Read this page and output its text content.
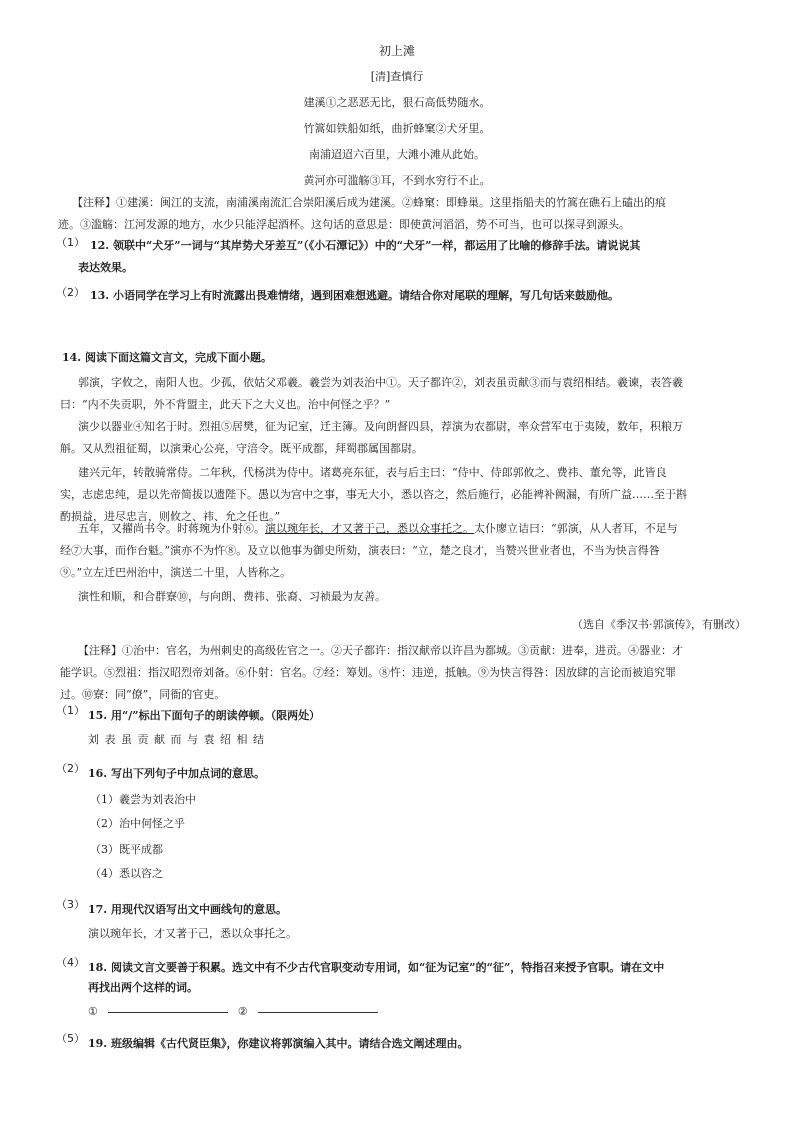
初上滩
[清]查慎行
建溪①之恶恶无比，狠石高低势随水。
竹篙如铁船如纸，曲折蜂窠②犬牙里。
南浦迢迢六百里，大滩小滩从此始。
黄河亦可滥觞③耳，不到水穷行不止。
【注释】①建溪：闽江的支流，南浦溪南流汇合崇阳溪后成为建溪。②蜂窠：即蜂巢。这里指船夫的竹篙在礁石上磕出的痕
迹。③滥觞：江河发源的地方，水少只能浮起酒杯。这句话的意思是：即使黄河滔滔，势不可当，也可以探寻到源头。
（1） 12. 领联中“犬牙”一词与“其岸势犬牙差互”（《小石潭记》）中的“犬牙”一样，都运用了比喻的修辞手法。请说说其
表达效果。
（2） 13. 小语同学在学习上有时流露出畏难情绪，遇到困难想逃避。请结合你对尾联的理解，写几句话来鼓励他。
14. 阅读下面这篇文言文，完成下面小题。
郭演，字攸之，南阳人也。少孤，依姑父邓羲。羲尝为刘表治中①。天子都许②，刘表虽贡献③而与袁绍相结。羲谏，表答羲
曰：“内不失贡职，外不背盟主，此天下之大义也。治中何怪之乎？”
演少以器业④知名于时。烈祖⑤居樊，征为记室，迁主簿。及向朗督四县，荐演为农都尉，率众营军屯于夷陵，数年，积粮万
斛。又从烈祖征蜀，以演秉心公亮，守涪令。既平成都，拜蜀郡属国都尉。
建兴元年，转散骑常侍。二年秋，代杨洪为侍中。诸葛亮东征，表与后主曰：“侍中、侍郎郭攸之、费祎、董允等，此皆良
实，志虑忠纯，是以先帝简拔以遗陛下。愚以为宫中之事，事无大小，悉以咨之，然后施行，必能裨补阙漏，有所广益……至于斟
酌损益，进尽忠言，则攸之、祎、允之任也。”
五年，又擢尚书令。时蒋琬为仆射⑥。演以琬年长，才又著于己，悉以众事托之。太仆廖立诘曰：“郭演，从人者耳，不足与
经⑦大事，而作台魁。”演亦不为忤⑧。及立以他事为御史所劾，演表曰：“立，楚之良才，当赞兴世业者也，不当为快言得咎
⑨。”立左迁巴州治中，演送二十里，人皆称之。
演性和顺，和合群寮⑩，与向朗、费祎、张裔、习祯最为友善。
（选自《季汉书·郭演传》，有删改）
【注释】①治中：官名，为州刺史的高级佐官之一。②天子都许：指汉献帝以许昌为都城。③贡献：进奉，进贡。④器业：才
能学识。⑤烈祖：指汉昭烈帝刘备。⑥仆射：官名。⑦经：筹划。⑧忤：违逆，抵触。⑨为快言得咎：因放肆的言论而被追究罪
过。⑩寮：同“僚”，同衙的官吏。
（1） 15. 用“/”标出下面句子的朗读停顿。（限两处）
刘 表 虽 贡 献 而 与 袁 绍 相 结
（2） 16. 写出下列句子中加点词的意思。
（1）羲尝为刘表治中
（2）治中何怪之乎
（3）既平成都
（4）悉以咨之
（3） 17. 用现代汉语写出文中画线句的意思。
演以琬年长，才又著于己，悉以众事托之。
（4） 18. 阅读文言文要善于积累。选文中有不少古代官职变动专用词，如“征为记室”的“征”，特指召来授予官职。请在文中
再找出两个这样的词。
①	②
（5） 19. 班级编辑《古代贤臣集》，你建议将郭演编入其中。请结合选文阐述理由。
